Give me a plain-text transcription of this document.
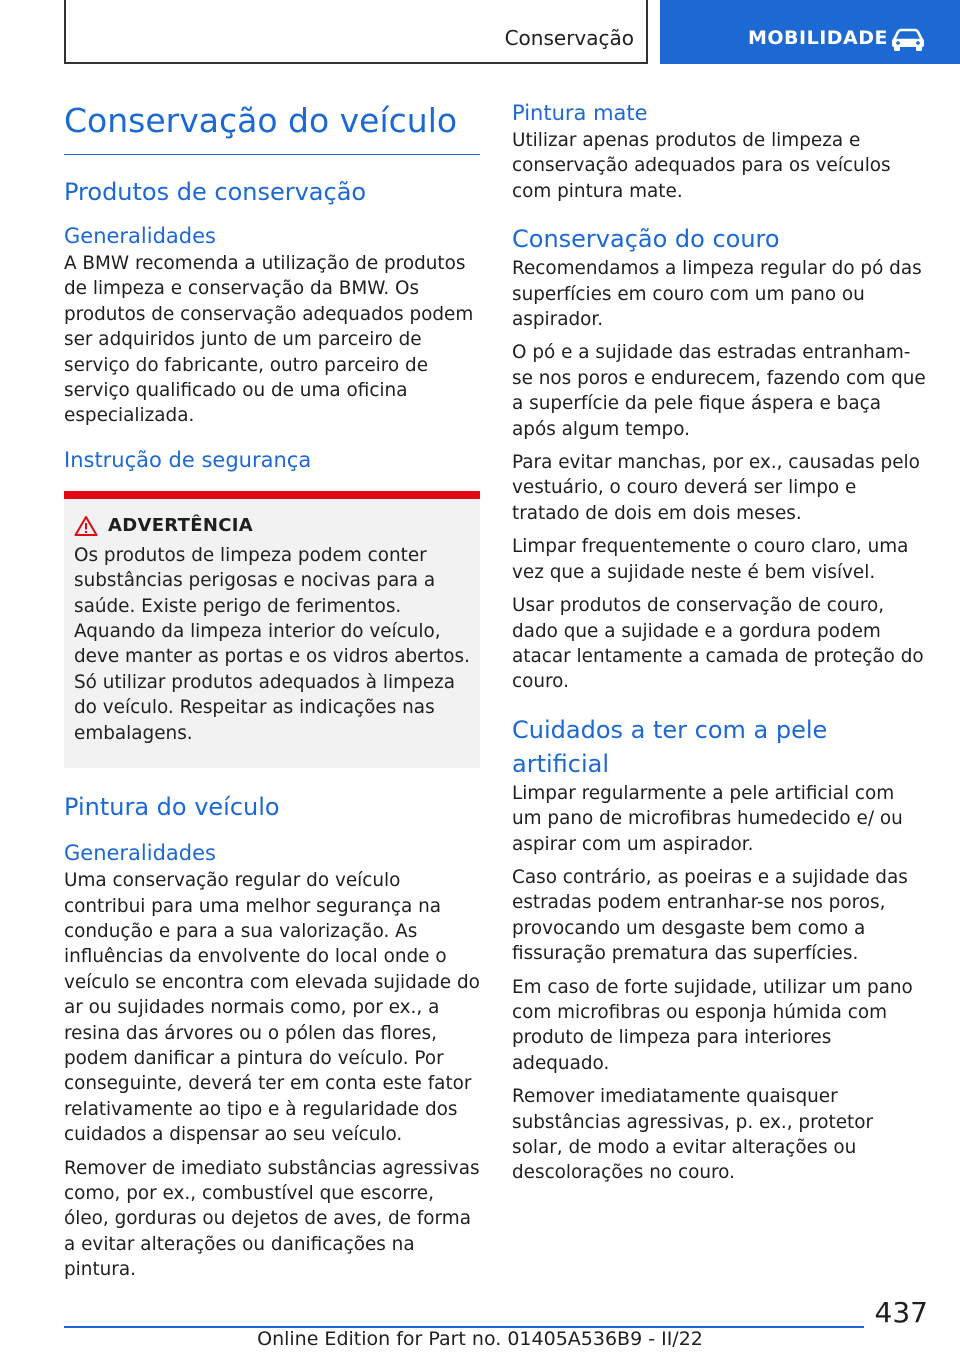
Conservação	MOBILIDADE
Conservação do veículo
Produtos de conservação
Generalidades

A BMW recomenda a utilização de produtos de limpeza e conservação da BMW. Os produtos de conservação adequados podem ser adquiridos junto de um parceiro de serviço do fabricante, outro parceiro de serviço qualificado ou de uma oficina especializada.

Instrução de segurança
ADVERTÊNCIA

Os produtos de limpeza podem conter substâncias perigosas e nocivas para a saúde. Existe perigo de ferimentos. Aquando da limpeza interior do veículo, deve manter as portas e os vidros abertos. Só utilizar produtos adequados à limpeza do veículo. Respeitar as indicações nas embalagens.

Pintura do veículo
Generalidades

Uma conservação regular do veículo contribui para uma melhor segurança na condução e para a sua valorização. As influências da envolvente do local onde o veículo se encontra com elevada sujidade do ar ou sujidades normais como, por ex., a resina das árvores ou o pólen das flores, podem danificar a pintura do veículo. Por conseguinte, deverá ter em conta este fator relativamente ao tipo e à regularidade dos cuidados a dispensar ao seu veículo.

Remover de imediato substâncias agressivas como, por ex., combustível que escorre, óleo, gorduras ou dejetos de aves, de forma a evitar alterações ou danificações na pintura.

Pintura mate

Utilizar apenas produtos de limpeza e conservação adequados para os veículos com pintura mate.

Conservação do couro

Recomendamos a limpeza regular do pó das superfícies em couro com um pano ou aspirador.

O pó e a sujidade das estradas entranham-se nos poros e endurecem, fazendo com que a superfície da pele fique áspera e baça após algum tempo.

Para evitar manchas, por ex., causadas pelo vestuário, o couro deverá ser limpo e tratado de dois em dois meses.

Limpar frequentemente o couro claro, uma vez que a sujidade neste é bem visível.

Usar produtos de conservação de couro, dado que a sujidade e a gordura podem atacar lentamente a camada de proteção do couro.

Cuidados a ter com a pele artificial

Limpar regularmente a pele artificial com um pano de microfibras humedecido e/ ou aspirar com um aspirador.

Caso contrário, as poeiras e a sujidade das estradas podem entranhar-se nos poros, provocando um desgaste bem como a fissuração prematura das superfícies.

Em caso de forte sujidade, utilizar um pano com microfibras ou esponja húmida com produto de limpeza para interiores adequado.

Remover imediatamente quaisquer substâncias agressivas, p. ex., protetor solar, de modo a evitar alterações ou descolorações no couro.

437
Online Edition for Part no. 01405A536B9 - II/22
